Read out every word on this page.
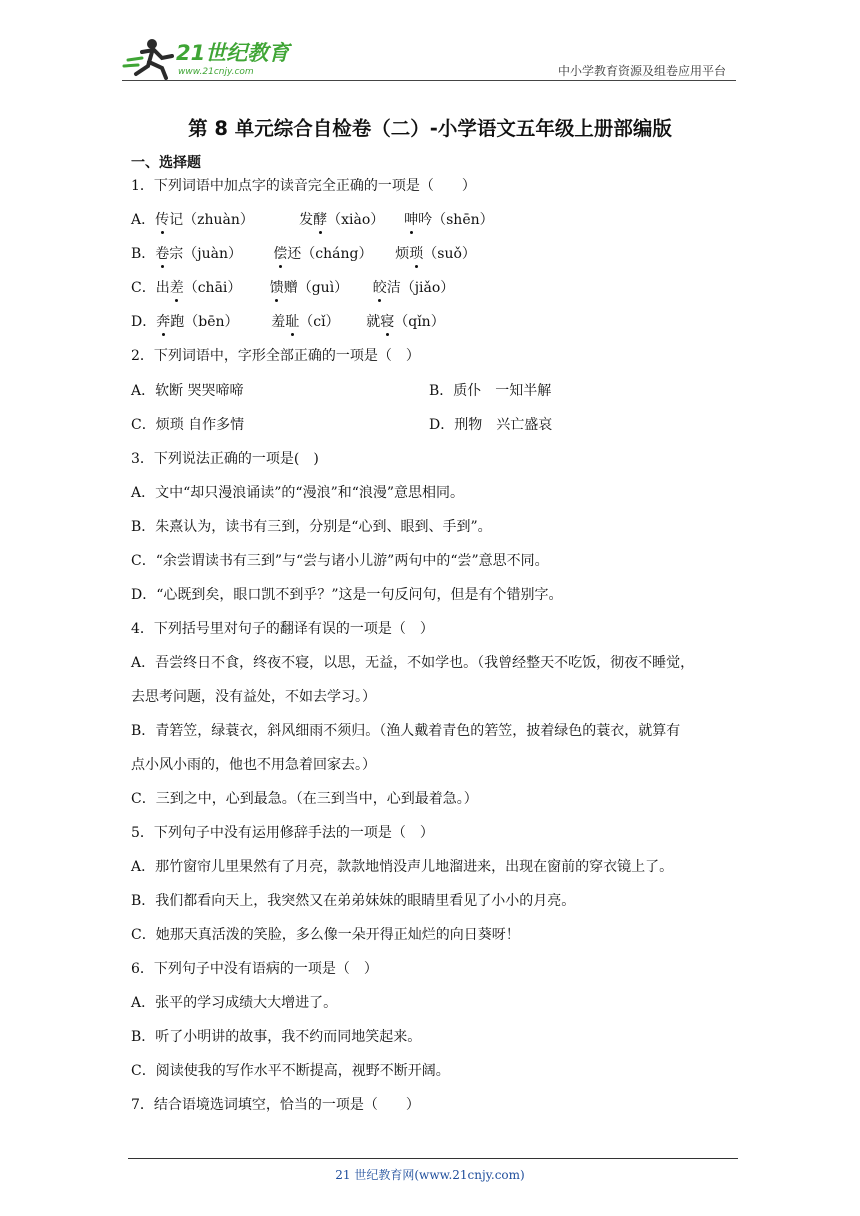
21世纪教育
www.21cnjy.com	中小学教育资源及组卷应用平台
第 8 单元综合自检卷（二）-小学语文五年级上册部编版
一、选择题
1．下列词语中加点字的读音完全正确的一项是（　　）
A．传记（zhuàn）	发酵（xiào） 呻吟（shēn）
B．卷宗（juàn） 偿还（cháng） 烦琐（suǒ）
C．出差（chāi） 馈赠（guì） 皎洁（jiǎo）
D．奔跑（bēn） 羞耻（cǐ） 就寝（qǐn）
2．下列词语中，字形全部正确的一项是（　）
A．软断 哭哭啼啼	B．质仆　一知半解
C．烦琐 自作多情	D．刑物　兴亡盛哀
3．下列说法正确的一项是(　)
A．文中“却只漫浪诵读”的“漫浪”和“浪漫”意思相同。
B．朱熹认为，读书有三到，分别是“心到、眼到、手到”。
C．“余尝谓读书有三到”与“尝与诸小儿游”两句中的“尝”意思不同。
D．“心既到矣，眼口凯不到乎？”这是一句反问句，但是有个错别字。
4．下列括号里对句子的翻译有误的一项是（　）
A．吾尝终日不食，终夜不寝，以思，无益，不如学也。（我曾经整天不吃饭，彻夜不睡觉，
去思考问题，没有益处，不如去学习。）
B．青箬笠，绿蓑衣，斜风细雨不须归。（渔人戴着青色的箬笠，披着绿色的蓑衣，就算有
点小风小雨的，他也不用急着回家去。）
C．三到之中，心到最急。（在三到当中，心到最着急。）
5．下列句子中没有运用修辞手法的一项是（　）
A．那竹窗帘儿里果然有了月亮，款款地悄没声儿地溜进来，出现在窗前的穿衣镜上了。
B．我们都看向天上，我突然又在弟弟妹妹的眼睛里看见了小小的月亮。
C．她那天真活泼的笑脸，多么像一朵开得正灿烂的向日葵呀！
6．下列句子中没有语病的一项是（　）
A．张平的学习成绩大大增进了。
B．听了小明讲的故事，我不约而同地笑起来。
C．阅读使我的写作水平不断提高，视野不断开阔。
7．结合语境选词填空，恰当的一项是（　　）
21 世纪教育网(www.21cnjy.com)
